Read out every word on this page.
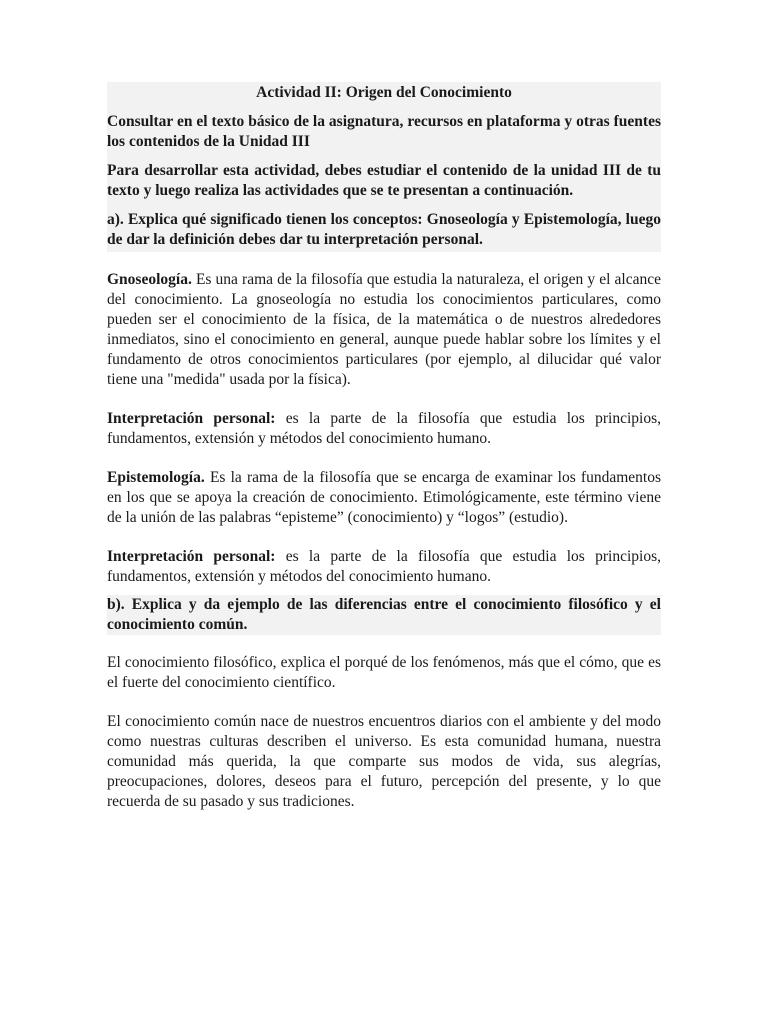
Actividad II: Origen del Conocimiento
Consultar en el texto básico de la asignatura, recursos en plataforma y otras fuentes los contenidos de la Unidad III
Para desarrollar esta actividad, debes estudiar el contenido de la unidad III de tu texto y luego realiza las actividades que se te presentan a continuación.
a). Explica qué significado tienen los conceptos: Gnoseología y Epistemología, luego de dar la definición debes dar tu interpretación personal.

Gnoseología. Es una rama de la filosofía que estudia la naturaleza, el origen y el alcance del conocimiento. La gnoseología no estudia los conocimientos particulares, como pueden ser el conocimiento de la física, de la matemática o de nuestros alrededores inmediatos, sino el conocimiento en general, aunque puede hablar sobre los límites y el fundamento de otros conocimientos particulares (por ejemplo, al dilucidar qué valor tiene una "medida" usada por la física).

Interpretación personal: es la parte de la filosofía que estudia los principios, fundamentos, extensión y métodos del conocimiento humano.

Epistemología. Es la rama de la filosofía que se encarga de examinar los fundamentos en los que se apoya la creación de conocimiento. Etimológicamente, este término viene de la unión de las palabras “episteme” (conocimiento) y “logos” (estudio).

Interpretación personal: es la parte de la filosofía que estudia los principios, fundamentos, extensión y métodos del conocimiento humano.

b). Explica y da ejemplo de las diferencias entre el conocimiento filosófico y el conocimiento común.

El conocimiento filosófico, explica el porqué de los fenómenos, más que el cómo, que es el fuerte del conocimiento científico.

El conocimiento común nace de nuestros encuentros diarios con el ambiente y del modo como nuestras culturas describen el universo. Es esta comunidad humana, nuestra comunidad más querida, la que comparte sus modos de vida, sus alegrías, preocupaciones, dolores, deseos para el futuro, percepción del presente, y lo que recuerda de su pasado y sus tradiciones.
